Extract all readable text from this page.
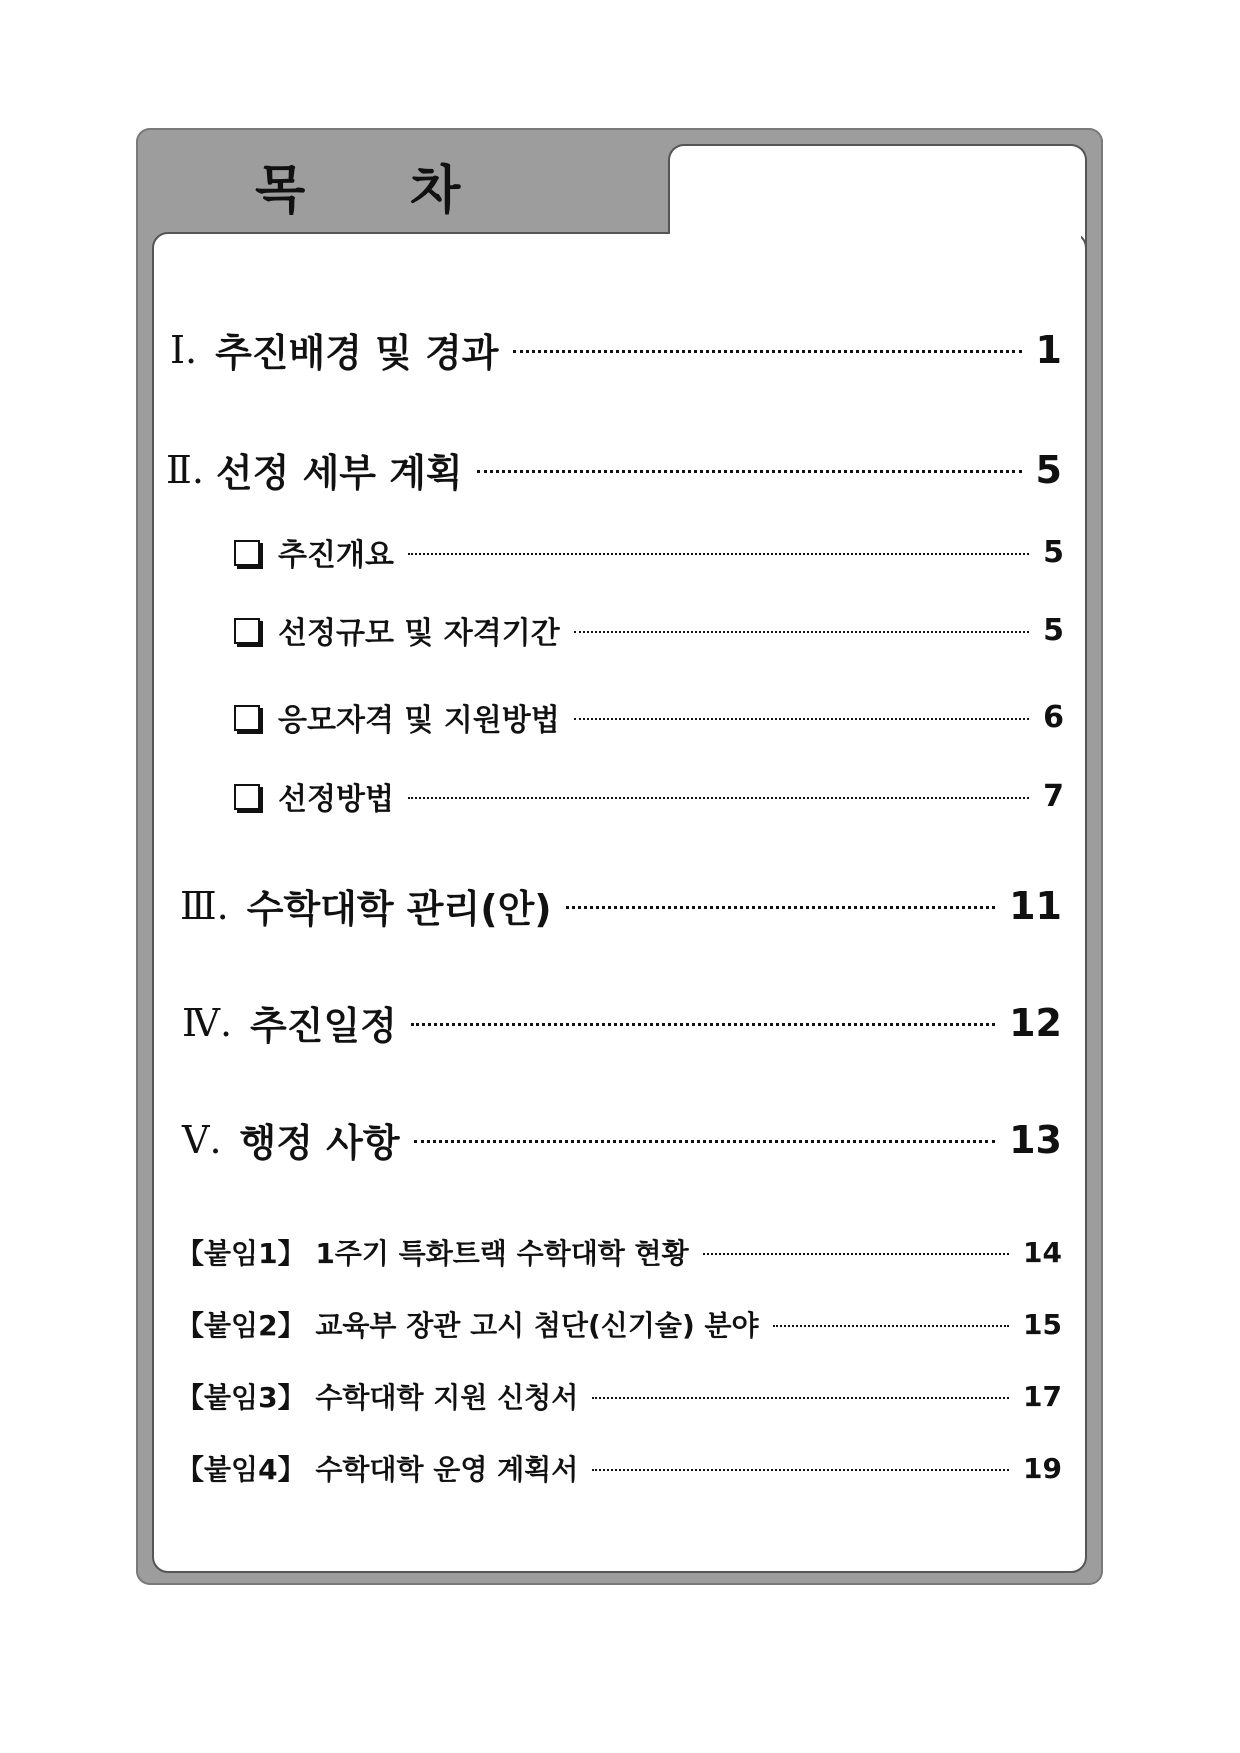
목 차
Ⅰ. 추진배경 및 경과	1
Ⅱ. 선정 세부 계획	5
추진개요	5
선정규모 및 자격기간	5
응모자격 및 지원방법	6
선정방법	7
Ⅲ. 수학대학 관리(안)	11
Ⅳ. 추진일정	12
Ⅴ. 행정 사항	13
【붙임1】 1주기 특화트랙 수학대학 현황	14
【붙임2】 교육부 장관 고시 첨단(신기술) 분야	15
【붙임3】 수학대학 지원 신청서	17
【붙임4】 수학대학 운영 계획서	19
